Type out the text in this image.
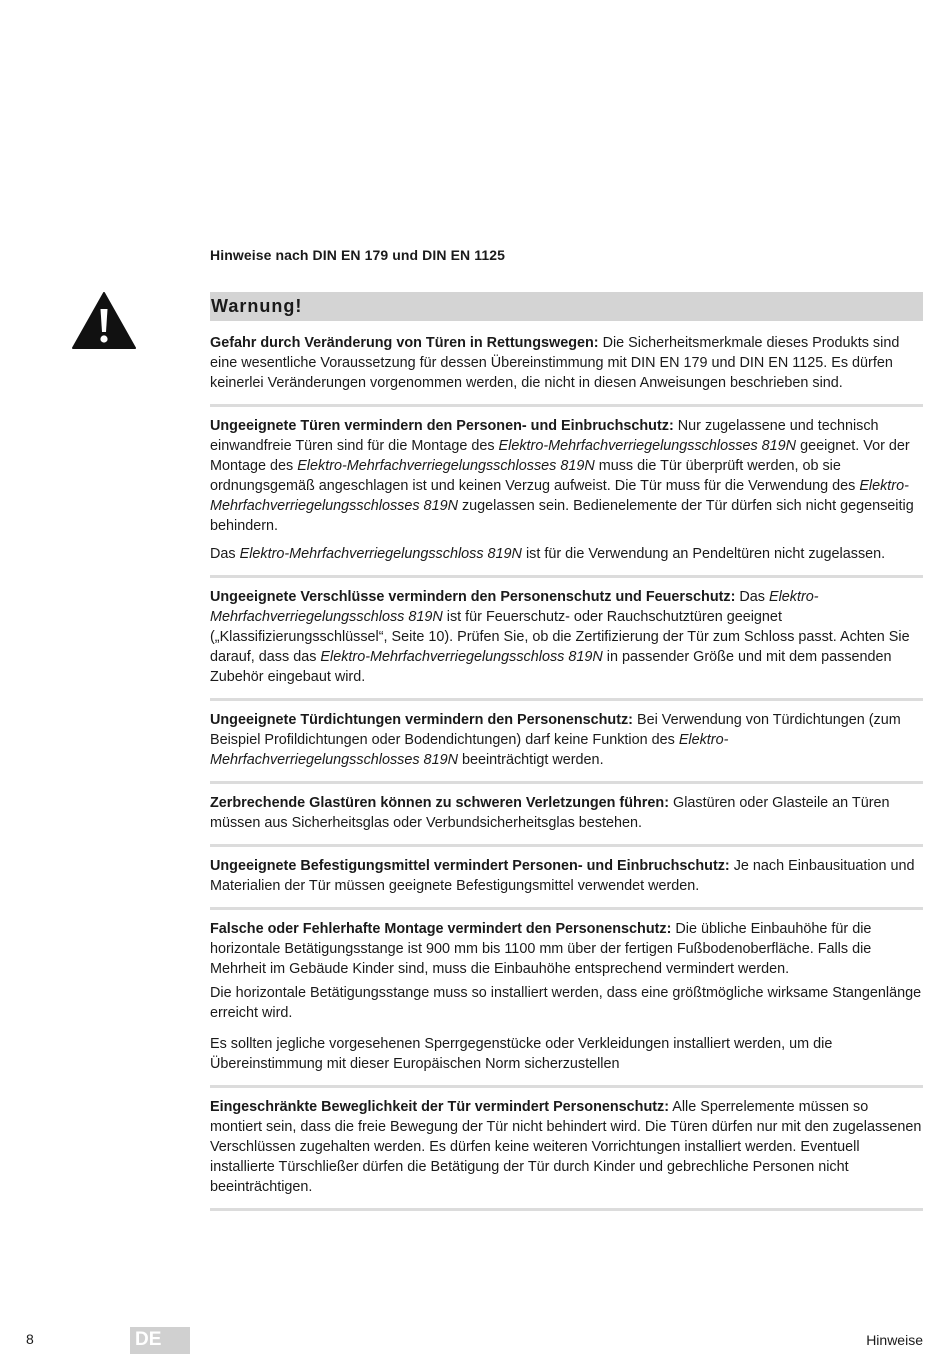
Hinweise nach DIN EN 179 und DIN EN 1125
Warnung!

Gefahr durch Veränderung von Türen in Rettungswegen: Die Sicherheitsmerkmale dieses Produkts sind eine wesentliche Voraussetzung für dessen Übereinstimmung mit DIN EN 179 und DIN EN 1125. Es dürfen keinerlei Veränderungen vorgenommen werden, die nicht in diesen Anweisungen beschrieben sind.

Ungeeignete Türen vermindern den Personen- und Einbruchschutz: Nur zugelassene und technisch einwandfreie Türen sind für die Montage des Elektro-Mehrfachverriegelungsschlosses 819N geeignet. Vor der Montage des Elektro-Mehrfachverriegelungsschlosses 819N muss die Tür überprüft werden, ob sie ordnungsgemäß angeschlagen ist und keinen Verzug aufweist. Die Tür muss für die Verwendung des Elektro-Mehrfachverriegelungsschlosses 819N zugelassen sein. Bedienelemente der Tür dürfen sich nicht gegenseitig behindern.

Das Elektro-Mehrfachverriegelungsschloss 819N ist für die Verwendung an Pendeltüren nicht zugelassen.

Ungeeignete Verschlüsse vermindern den Personenschutz und Feuerschutz: Das Elektro-Mehrfachverriegelungsschloss 819N ist für Feuerschutz- oder Rauchschutztüren geeignet („Klassifizierungsschlüssel“, Seite 10). Prüfen Sie, ob die Zertifizierung der Tür zum Schloss passt. Achten Sie darauf, dass das Elektro-Mehrfachverriegelungsschloss 819N in passender Größe und mit dem passenden Zubehör eingebaut wird.

Ungeeignete Türdichtungen vermindern den Personenschutz: Bei Verwendung von Türdichtungen (zum Beispiel Profildichtungen oder Bodendichtungen) darf keine Funktion des Elektro-Mehrfachverriegelungsschlosses 819N beeinträchtigt werden.

Zerbrechende Glastüren können zu schweren Verletzungen führen: Glastüren oder Glasteile an Türen müssen aus Sicherheitsglas oder Verbundsicherheitsglas bestehen.

Ungeeignete Befestigungsmittel vermindert Personen- und Einbruchschutz: Je nach Einbausituation und Materialien der Tür müssen geeignete Befestigungsmittel verwendet werden.

Falsche oder Fehlerhafte Montage vermindert den Personenschutz: Die übliche Einbauhöhe für die horizontale Betätigungsstange ist 900 mm bis 1100 mm über der fertigen Fußbodenoberfläche. Falls die Mehrheit im Gebäude Kinder sind, muss die Einbauhöhe entsprechend vermindert werden.

Die horizontale Betätigungsstange muss so installiert werden, dass eine größtmögliche wirksame Stangenlänge erreicht wird.

Es sollten jegliche vorgesehenen Sperrgegenstücke oder Verkleidungen installiert werden, um die Übereinstimmung mit dieser Europäischen Norm sicherzustellen

Eingeschränkte Beweglichkeit der Tür vermindert Personenschutz: Alle Sperrelemente müssen so montiert sein, dass die freie Bewegung der Tür nicht behindert wird. Die Türen dürfen nur mit den zugelassenen Verschlüssen zugehalten werden. Es dürfen keine weiteren Vorrichtungen installiert werden. Eventuell installierte Türschließer dürfen die Betätigung der Tür durch Kinder und gebrechliche Personen nicht beeinträchtigen.

8	DE	Hinweise
